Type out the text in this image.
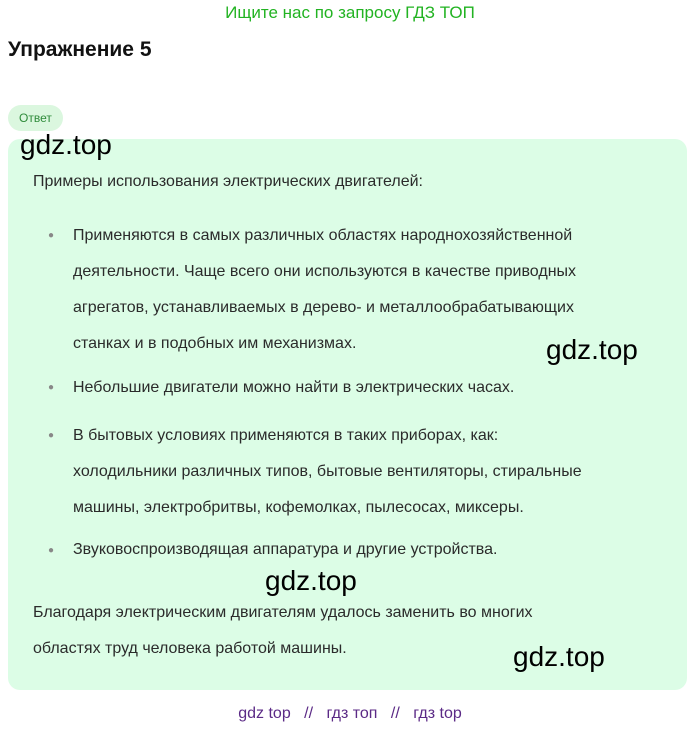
Ищите нас по запросу ГДЗ ТОП
Упражнение 5
Ответ
Примеры использования электрических двигателей:
● Применяются в самых различных областях народнохозяйственной
деятельности. Чаще всего они используются в качестве приводных
агрегатов, устанавливаемых в дерево- и металлообрабатывающих
станках и в подобных им механизмах.
● Небольшие двигатели можно найти в электрических часах.
● В бытовых условиях применяются в таких приборах, как:
холодильники различных типов, бытовые вентиляторы, стиральные
машины, электробритвы, кофемолках, пылесосах, миксеры.
● Звуковоспроизводящая аппаратура и другие устройства.
Благодаря электрическим двигателям удалось заменить во многих
областях труд человека работой машины.
gdz.top
gdz.top
gdz.top
gdz.top
gdz top // гдз топ // гдз top
